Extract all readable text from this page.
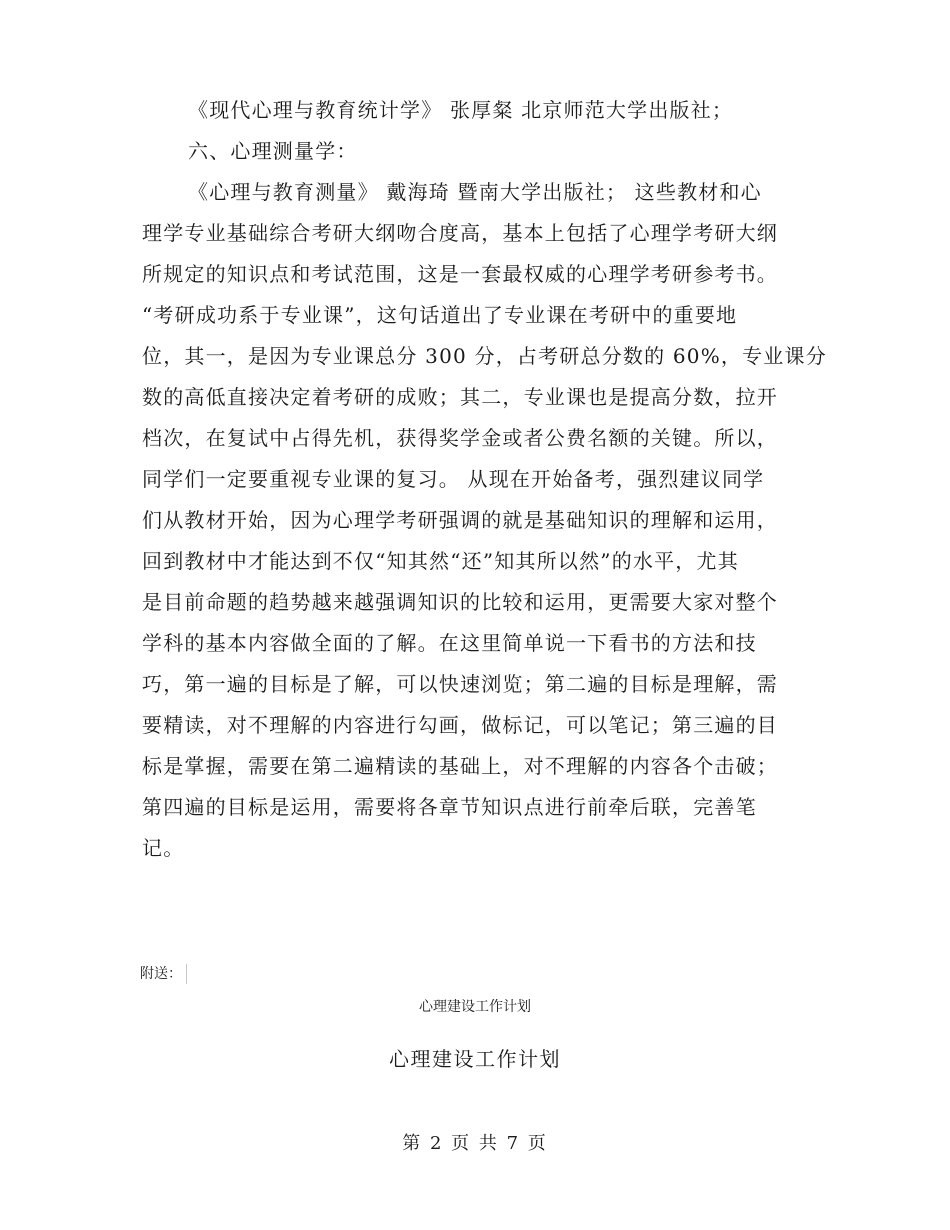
《现代心理与教育统计学》 张厚粲 北京师范大学出版社；
六、心理测量学：
《心理与教育测量》 戴海琦 暨南大学出版社； 这些教材和心
理学专业基础综合考研大纲吻合度高，基本上包括了心理学考研大纲
所规定的知识点和考试范围，这是一套最权威的心理学考研参考书。
“考研成功系于专业课”，这句话道出了专业课在考研中的重要地
位，其一，是因为专业课总分 300 分，占考研总分数的 60%，专业课分
数的高低直接决定着考研的成败；其二，专业课也是提高分数，拉开
档次，在复试中占得先机，获得奖学金或者公费名额的关键。所以，
同学们一定要重视专业课的复习。 从现在开始备考，强烈建议同学
们从教材开始，因为心理学考研强调的就是基础知识的理解和运用，
回到教材中才能达到不仅“知其然“还”知其所以然”的水平，尤其
是目前命题的趋势越来越强调知识的比较和运用，更需要大家对整个
学科的基本内容做全面的了解。在这里简单说一下看书的方法和技
巧，第一遍的目标是了解，可以快速浏览；第二遍的目标是理解，需
要精读，对不理解的内容进行勾画，做标记，可以笔记；第三遍的目
标是掌握，需要在第二遍精读的基础上，对不理解的内容各个击破；
第四遍的目标是运用，需要将各章节知识点进行前牵后联，完善笔
记。
附送：
心理建设工作计划
心理建设工作计划
第 2 页 共 7 页
